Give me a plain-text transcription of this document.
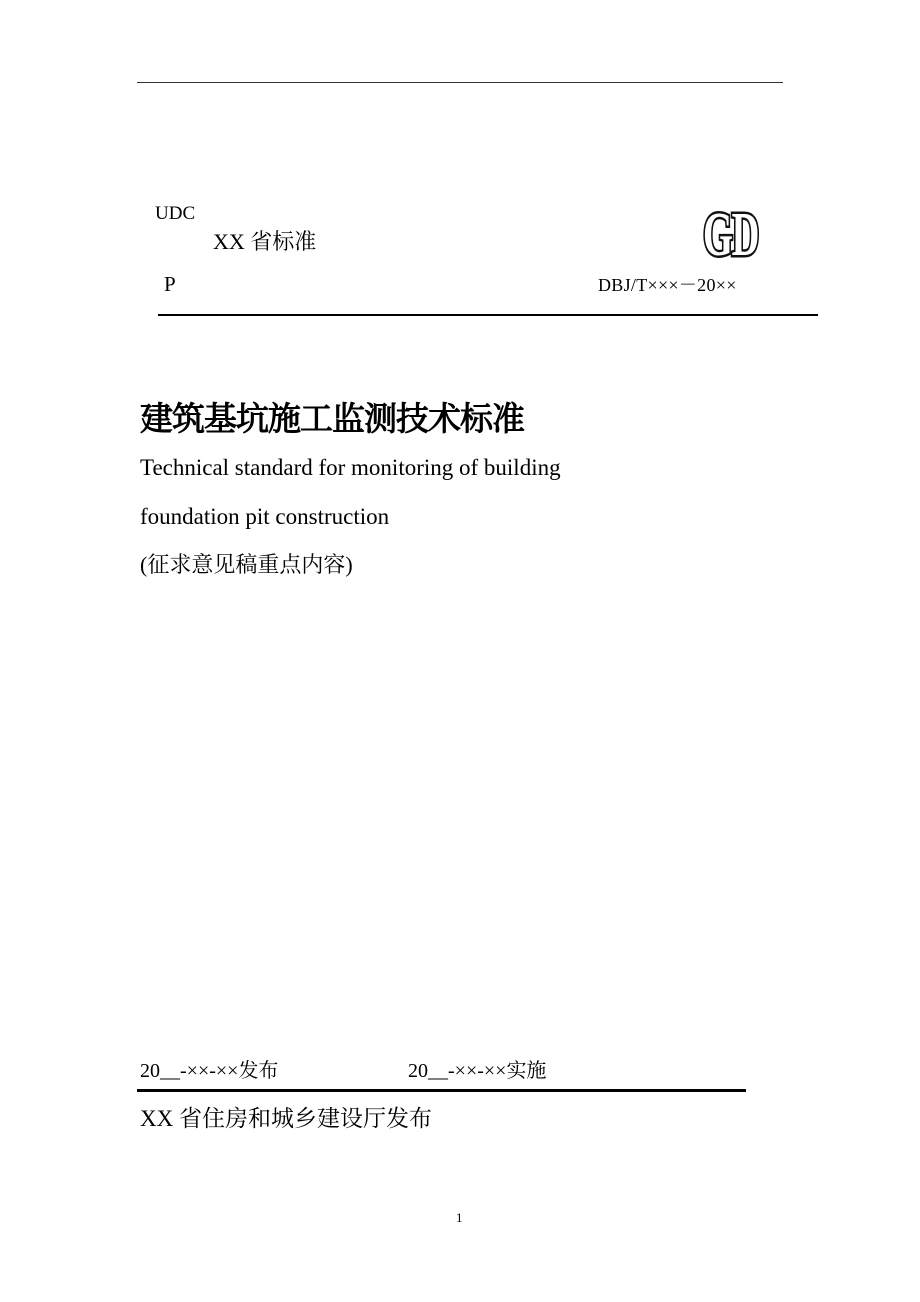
UDC
XX 省标准
P
GD
DBJ/T×××－20××
建筑基坑施工监测技术标准
Technical standard for monitoring of building
foundation pit construction
(征求意见稿重点内容)
20__-××-××发布	20__-××-××实施
XX 省住房和城乡建设厅发布
1
